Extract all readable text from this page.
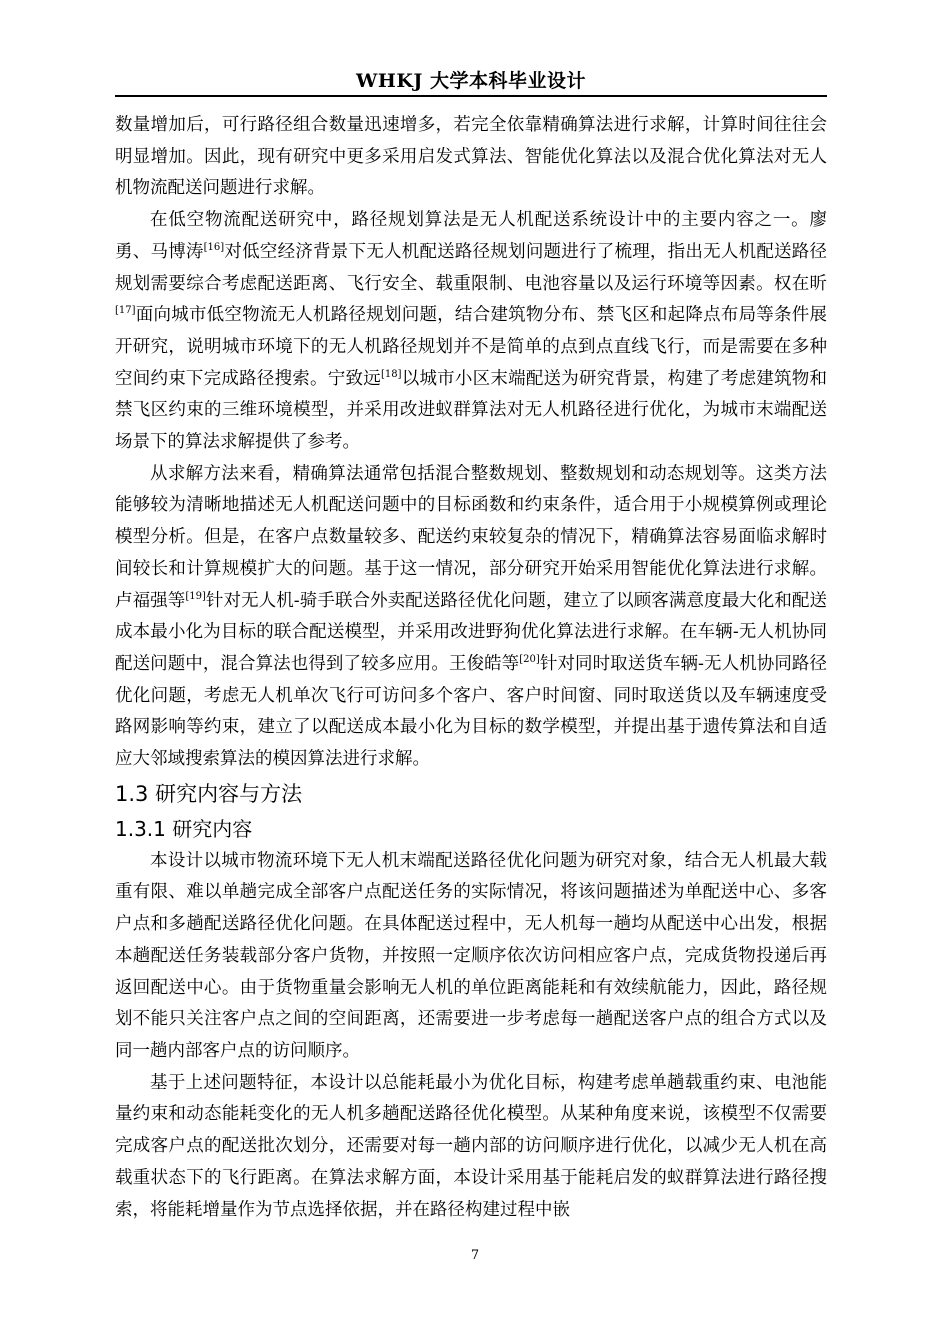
WHKJ 大学本科毕业设计

数量增加后，可行路径组合数量迅速增多，若完全依靠精确算法进行求解，计算时间往往会明显增加。因此，现有研究中更多采用启发式算法、智能优化算法以及混合优化算法对无人机物流配送问题进行求解。

在低空物流配送研究中，路径规划算法是无人机配送系统设计中的主要内容之一。廖勇、马博涛[16]对低空经济背景下无人机配送路径规划问题进行了梳理，指出无人机配送路径规划需要综合考虑配送距离、飞行安全、载重限制、电池容量以及运行环境等因素。权在昕[17]面向城市低空物流无人机路径规划问题，结合建筑物分布、禁飞区和起降点布局等条件展开研究，说明城市环境下的无人机路径规划并不是简单的点到点直线飞行，而是需要在多种空间约束下完成路径搜索。宁致远[18]以城市小区末端配送为研究背景，构建了考虑建筑物和禁飞区约束的三维环境模型，并采用改进蚁群算法对无人机路径进行优化，为城市末端配送场景下的算法求解提供了参考。

从求解方法来看，精确算法通常包括混合整数规划、整数规划和动态规划等。这类方法能够较为清晰地描述无人机配送问题中的目标函数和约束条件，适合用于小规模算例或理论模型分析。但是，在客户点数量较多、配送约束较复杂的情况下，精确算法容易面临求解时间较长和计算规模扩大的问题。基于这一情况，部分研究开始采用智能优化算法进行求解。卢福强等[19]针对无人机-骑手联合外卖配送路径优化问题，建立了以顾客满意度最大化和配送成本最小化为目标的联合配送模型，并采用改进野狗优化算法进行求解。在车辆-无人机协同配送问题中，混合算法也得到了较多应用。王俊皓等[20]针对同时取送货车辆-无人机协同路径优化问题，考虑无人机单次飞行可访问多个客户、客户时间窗、同时取送货以及车辆速度受路网影响等约束，建立了以配送成本最小化为目标的数学模型，并提出基于遗传算法和自适应大邻域搜索算法的模因算法进行求解。

1.3 研究内容与方法
1.3.1 研究内容

本设计以城市物流环境下无人机末端配送路径优化问题为研究对象，结合无人机最大载重有限、难以单趟完成全部客户点配送任务的实际情况，将该问题描述为单配送中心、多客户点和多趟配送路径优化问题。在具体配送过程中，无人机每一趟均从配送中心出发，根据本趟配送任务装载部分客户货物，并按照一定顺序依次访问相应客户点，完成货物投递后再返回配送中心。由于货物重量会影响无人机的单位距离能耗和有效续航能力，因此，路径规划不能只关注客户点之间的空间距离，还需要进一步考虑每一趟配送客户点的组合方式以及同一趟内部客户点的访问顺序。

基于上述问题特征，本设计以总能耗最小为优化目标，构建考虑单趟载重约束、电池能量约束和动态能耗变化的无人机多趟配送路径优化模型。从某种角度来说，该模型不仅需要完成客户点的配送批次划分，还需要对每一趟内部的访问顺序进行优化，以减少无人机在高载重状态下的飞行距离。在算法求解方面，本设计采用基于能耗启发的蚁群算法进行路径搜索，将能耗增量作为节点选择依据，并在路径构建过程中嵌

7
